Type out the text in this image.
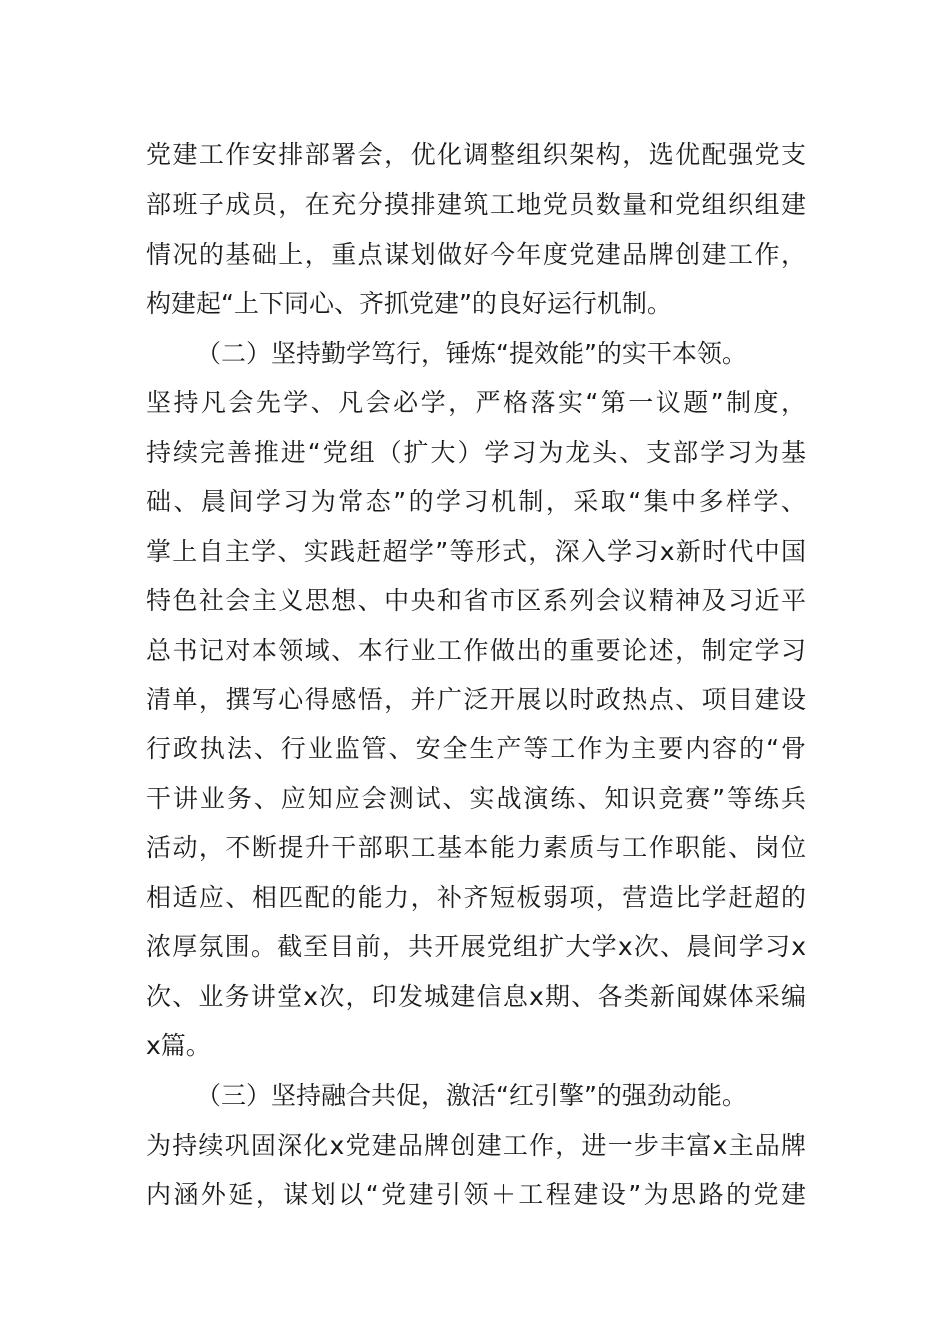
党建工作安排部署会，优化调整组织架构，选优配强党支
部班子成员，在充分摸排建筑工地党员数量和党组织组建
情况的基础上，重点谋划做好今年度党建品牌创建工作，
构建起“上下同心、齐抓党建”的良好运行机制。
（二）坚持勤学笃行，锤炼“提效能”的实干本领。
坚持凡会先学、凡会必学，严格落实“第一议题”制度，
持续完善推进“党组（扩大）学习为龙头、支部学习为基
础、晨间学习为常态”的学习机制，采取“集中多样学、
掌上自主学、实践赶超学”等形式，深入学习x新时代中国
特色社会主义思想、中央和省市区系列会议精神及习近平
总书记对本领域、本行业工作做出的重要论述，制定学习
清单，撰写心得感悟，并广泛开展以时政热点、项目建设
行政执法、行业监管、安全生产等工作为主要内容的“骨
干讲业务、应知应会测试、实战演练、知识竞赛”等练兵
活动，不断提升干部职工基本能力素质与工作职能、岗位
相适应、相匹配的能力，补齐短板弱项，营造比学赶超的
浓厚氛围。截至目前，共开展党组扩大学x次、晨间学习x
次、业务讲堂x次，印发城建信息x期、各类新闻媒体采编
x篇。
（三）坚持融合共促，激活“红引擎”的强劲动能。
为持续巩固深化x党建品牌创建工作，进一步丰富x主品牌
内涵外延，谋划以“党建引领＋工程建设”为思路的党建
